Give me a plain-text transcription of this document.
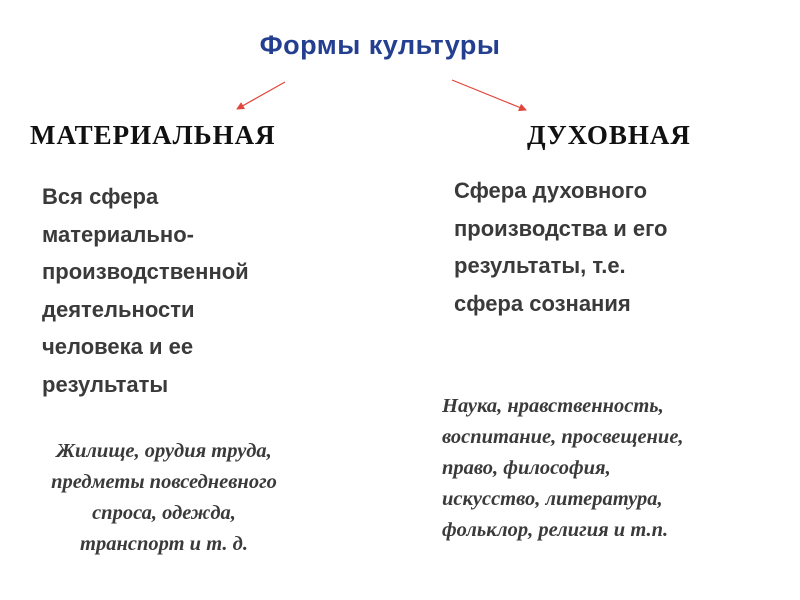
Формы культуры
МАТЕРИАЛЬНАЯ	ДУХОВНАЯ
Вся сфера
материально-
производственной
деятельности
человека и ее
результаты
Сфера духовного
производства и его
результаты, т.е.
сфера сознания
Жилище, орудия труда,
предметы повседневного
спроса, одежда,
транспорт и т. д.
Наука, нравственность,
воспитание, просвещение,
право, философия,
искусство, литература,
фольклор, религия и т.п.
